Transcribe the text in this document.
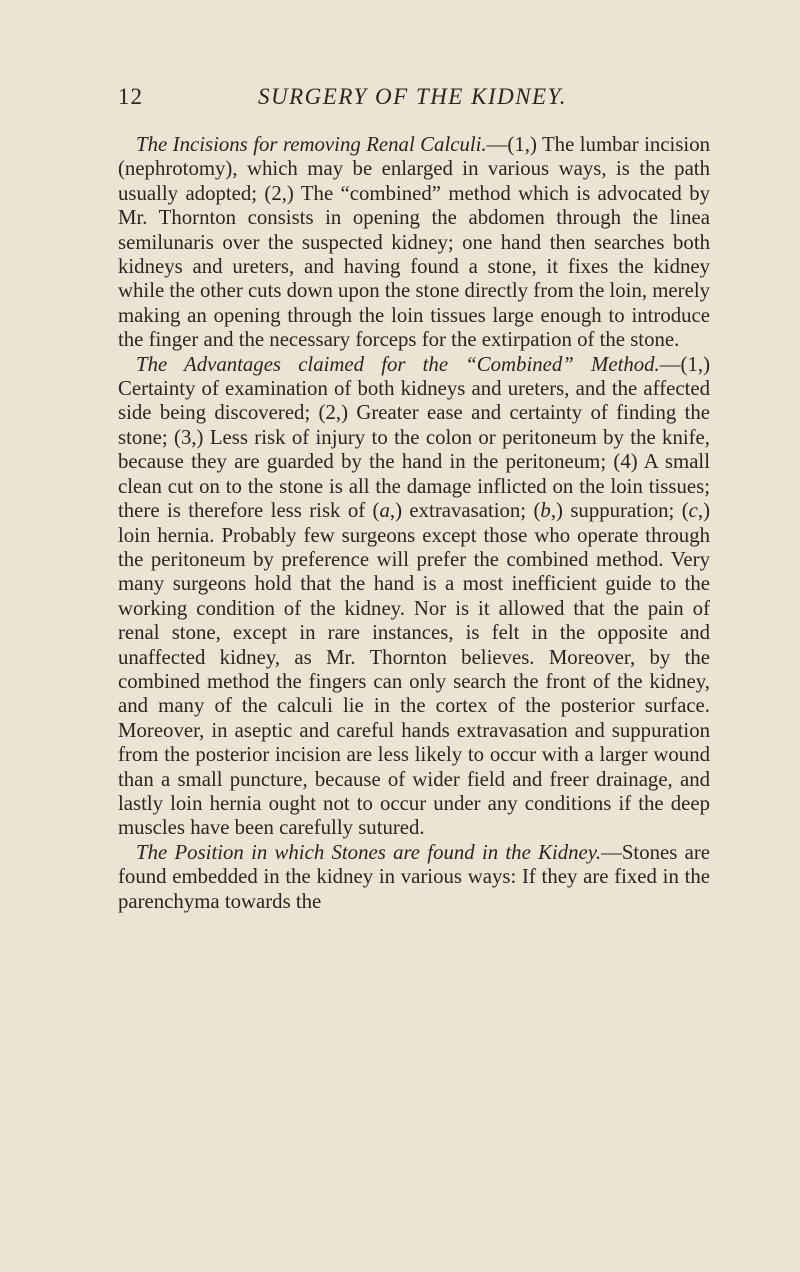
12	SURGERY OF THE KIDNEY.

The Incisions for removing Renal Calculi.—(1,) The lumbar incision (nephrotomy), which may be enlarged in various ways, is the path usually adopted; (2,) The “combined” method which is advocated by Mr. Thornton consists in opening the abdomen through the linea semilunaris over the suspected kidney; one hand then searches both kidneys and ureters, and having found a stone, it fixes the kidney while the other cuts down upon the stone directly from the loin, merely making an opening through the loin tissues large enough to introduce the finger and the necessary forceps for the extirpation of the stone.

The Advantages claimed for the “Combined” Method.—(1,) Certainty of examination of both kidneys and ureters, and the affected side being discovered; (2,) Greater ease and certainty of finding the stone; (3,) Less risk of injury to the colon or peritoneum by the knife, because they are guarded by the hand in the peritoneum; (4) A small clean cut on to the stone is all the damage inflicted on the loin tissues; there is therefore less risk of (a,) extravasation; (b,) suppuration; (c,) loin hernia. Probably few surgeons except those who operate through the peritoneum by preference will prefer the combined method. Very many surgeons hold that the hand is a most inefficient guide to the working condition of the kidney. Nor is it allowed that the pain of renal stone, except in rare instances, is felt in the opposite and unaffected kidney, as Mr. Thornton believes. Moreover, by the combined method the fingers can only search the front of the kidney, and many of the calculi lie in the cortex of the posterior surface. Moreover, in aseptic and careful hands extravasation and suppuration from the posterior incision are less likely to occur with a larger wound than a small puncture, because of wider field and freer drainage, and lastly loin hernia ought not to occur under any conditions if the deep muscles have been carefully sutured.

The Position in which Stones are found in the Kidney.—Stones are found embedded in the kidney in various ways: If they are fixed in the parenchyma towards the
